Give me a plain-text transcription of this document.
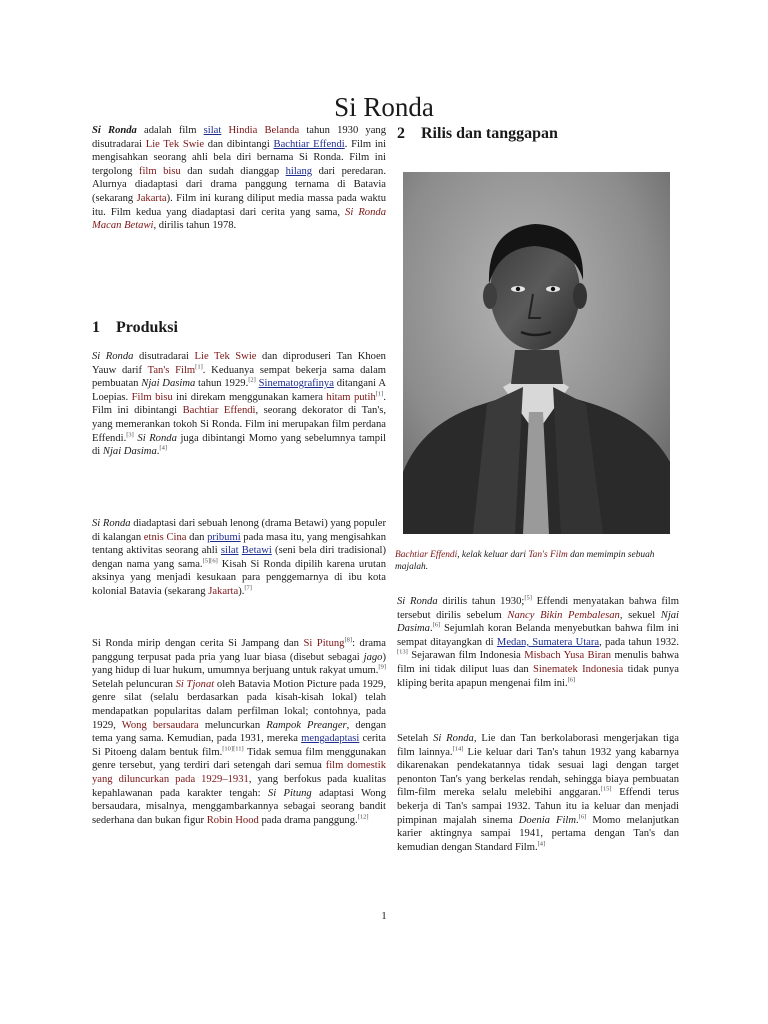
Si Ronda

Si Ronda adalah film silat Hindia Belanda tahun 1930 yang disutradarai Lie Tek Swie dan dibintangi Bachtiar Effendi. Film ini mengisahkan seorang ahli bela diri bernama Si Ronda. Film ini tergolong film bisu dan sudah dianggap hilang dari peredaran. Alurnya diadaptasi dari drama panggung ternama di Batavia (sekarang Jakarta). Film ini kurang diliput media massa pada waktu itu. Film kedua yang diadaptasi dari cerita yang sama, Si Ronda Macan Betawi, dirilis tahun 1978.

1 Produksi

Si Ronda disutradarai Lie Tek Swie dan diproduseri Tan Khoen Yauw darif Tan's Film[1]. Keduanya sempat bekerja sama dalam pembuatan Njai Dasima tahun 1929.[2] Sinematografinya ditangani A Loepias. Film bisu ini direkam menggunakan kamera hitam putih[1]. Film ini dibintangi Bachtiar Effendi, seorang dekorator di Tan's, yang memerankan tokoh Si Ronda. Film ini merupakan film perdana Effendi.[3] Si Ronda juga dibintangi Momo yang sebelumnya tampil di Njai Dasima.[4]

Si Ronda diadaptasi dari sebuah lenong (drama Betawi) yang populer di kalangan etnis Cina dan pribumi pada masa itu, yang mengisahkan tentang aktivitas seorang ahli silat Betawi (seni bela diri tradisional) dengan nama yang sama.[5][6] Kisah Si Ronda dipilih karena urutan aksinya yang menjadi kesukaan para penggemarnya di ibu kota kolonial Batavia (sekarang Jakarta).[7]

Si Ronda mirip dengan cerita Si Jampang dan Si Pitung[8]: drama panggung terpusat pada pria yang luar biasa (disebut sebagai jago) yang hidup di luar hukum, umumnya berjuang untuk rakyat umum.[9] Setelah peluncuran Si Tjonat oleh Batavia Motion Picture pada 1929, genre silat (selalu berdasarkan pada kisah-kisah lokal) telah mendapatkan popularitas dalam perfilman lokal; contohnya, pada 1929, Wong bersaudara meluncurkan Rampok Preanger, dengan tema yang sama. Kemudian, pada 1931, mereka mengadaptasi cerita Si Pitoeng dalam bentuk film.[10][11] Tidak semua film menggunakan genre tersebut, yang terdiri dari setengah dari semua film domestik yang diluncurkan pada 1929–1931, yang berfokus pada kualitas kepahlawanan pada karakter tengah: Si Pitung adaptasi Wong bersaudara, misalnya, menggambarkannya sebagai seorang bandit sederhana dan bukan figur Robin Hood pada drama panggung.[12]

2 Rilis dan tanggapan
Bachtiar Effendi, kelak keluar dari Tan's Film dan memimpin sebuah majalah.

Si Ronda dirilis tahun 1930;[5] Effendi menyatakan bahwa film tersebut dirilis sebelum Nancy Bikin Pembalesan, sekuel Njai Dasima.[6] Sejumlah koran Belanda menyebutkan bahwa film ini sempat ditayangkan di Medan, Sumatera Utara, pada tahun 1932.[13] Sejarawan film Indonesia Misbach Yusa Biran menulis bahwa film ini tidak diliput luas dan Sinematek Indonesia tidak punya kliping berita apapun mengenai film ini.[6]

Setelah Si Ronda, Lie dan Tan berkolaborasi mengerjakan tiga film lainnya.[14] Lie keluar dari Tan's tahun 1932 yang kabarnya dikarenakan pendekatannya tidak sesuai lagi dengan target penonton Tan's yang berkelas rendah, sehingga biaya pembuatan film-film mereka selalu melebihi anggaran.[15] Effendi terus bekerja di Tan's sampai 1932. Tahun itu ia keluar dan menjadi pimpinan majalah sinema Doenia Film.[6] Momo melanjutkan karier aktingnya sampai 1941, pertama dengan Tan's dan kemudian dengan Standard Film.[4]

1
